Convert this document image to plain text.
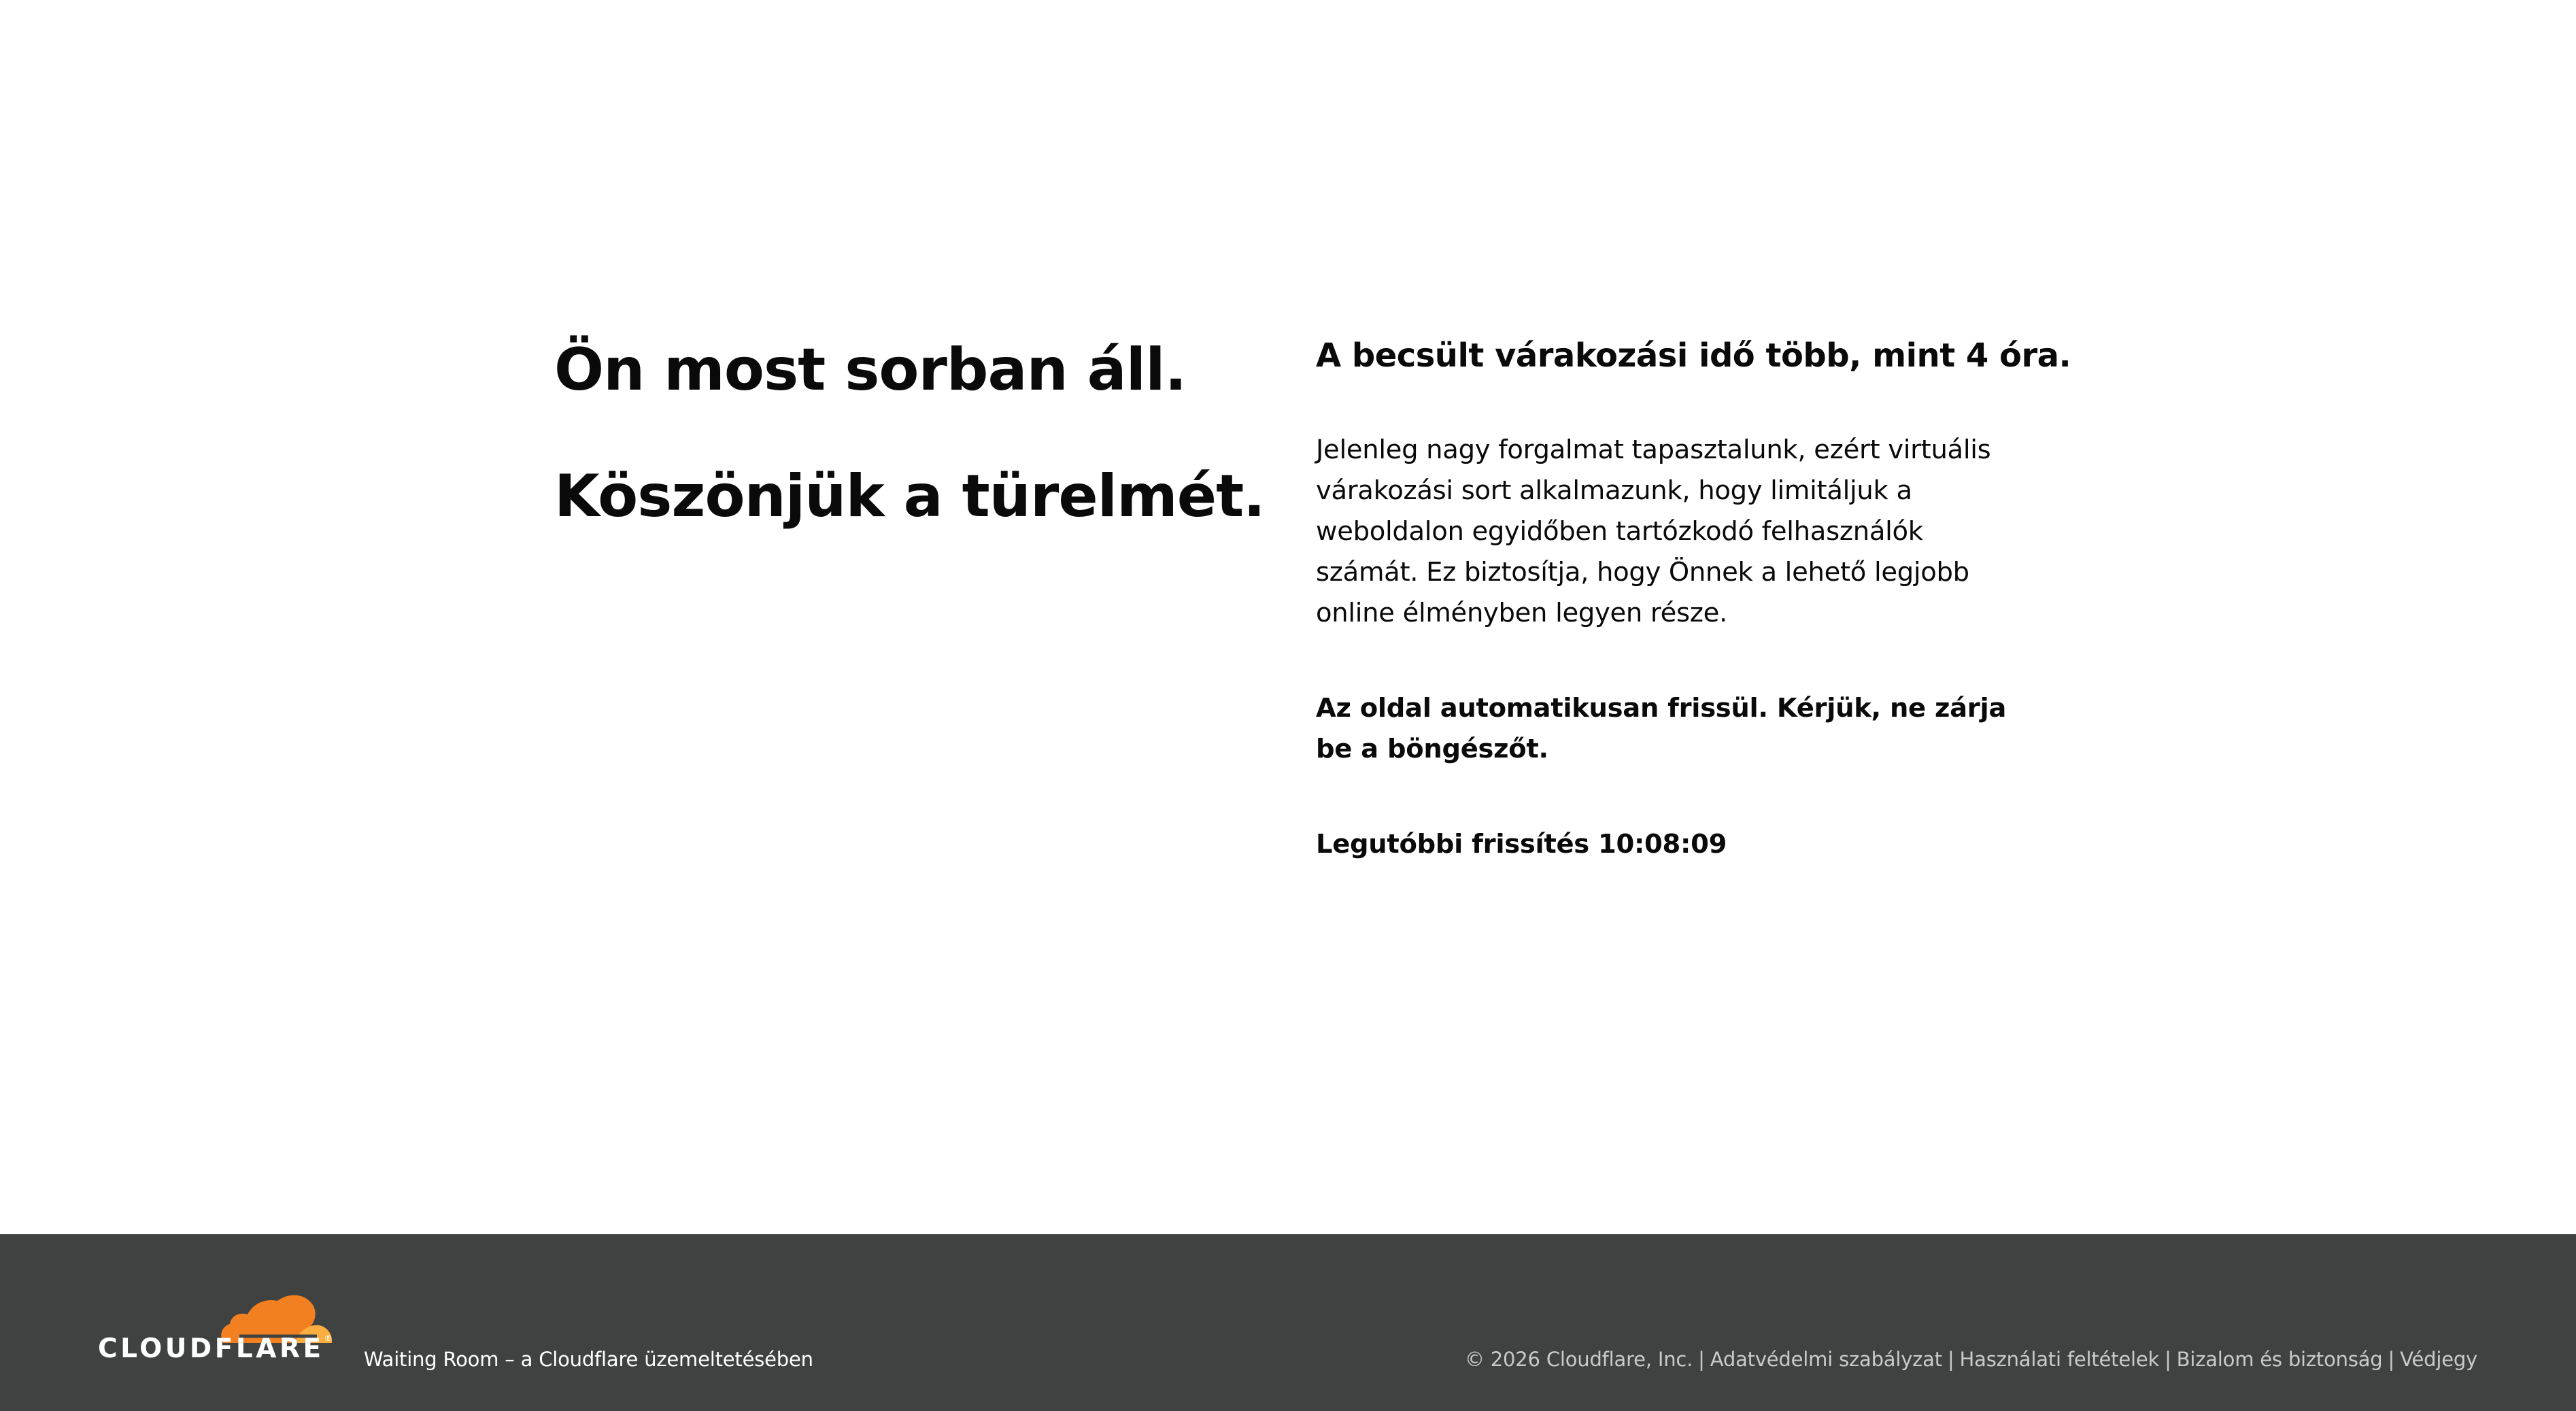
Ön most sorban áll.
Köszönjük a türelmét.
A becsült várakozási idő több, mint 4 óra.

Jelenleg nagy forgalmat tapasztalunk, ezért virtuális várakozási sort alkalmazunk, hogy limitáljuk a weboldalon egyidőben tartózkodó felhasználók számát. Ez biztosítja, hogy Önnek a lehető legjobb online élményben legyen része.

Az oldal automatikusan frissül. Kérjük, ne zárja be a böngészőt.

Legutóbbi frissítés 10:08:09

CLOUDFLARE®
Waiting Room – a Cloudflare üzemeltetésében	© 2026 Cloudflare, Inc. | Adatvédelmi szabályzat | Használati feltételek | Bizalom és biztonság | Védjegy
